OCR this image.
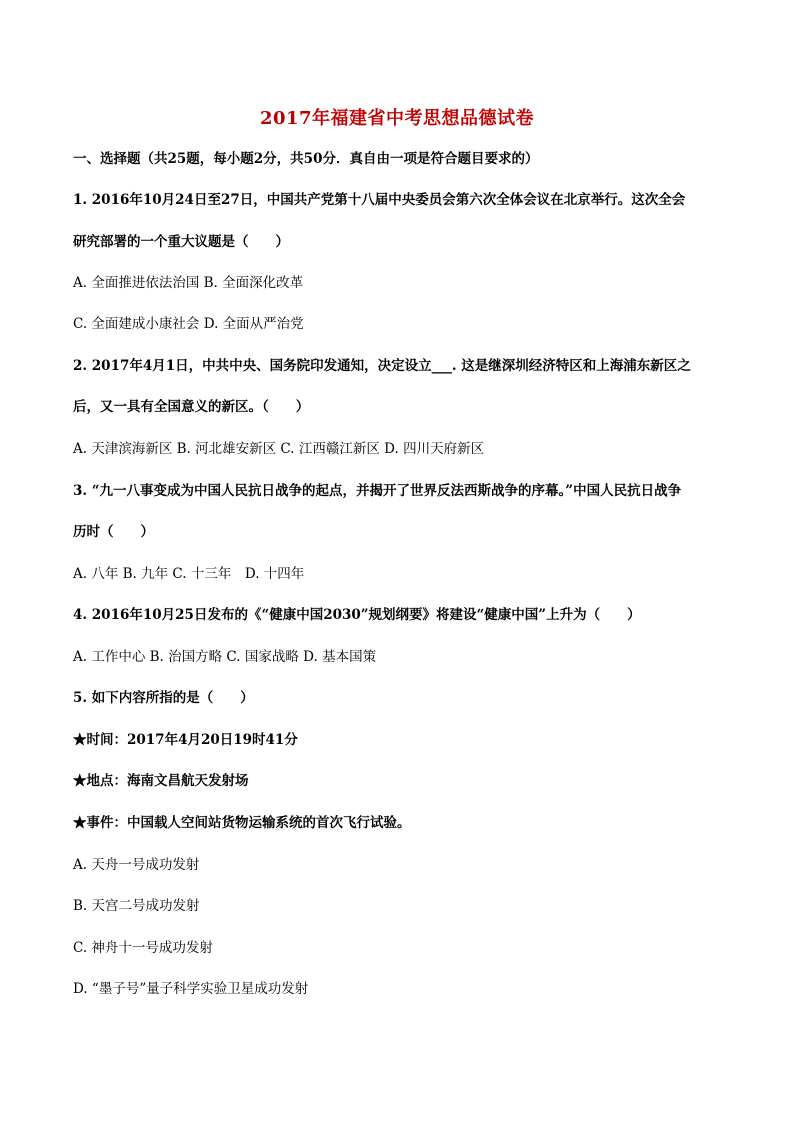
2017年福建省中考思想品德试卷
一、选择题（共25题，每小题2分，共50分．真自由一项是符合题目要求的）
1. 2016年10月24日至27日，中国共产党第十八届中央委员会第六次全体会议在北京举行。这次全会
研究部署的一个重大议题是（　　）
A. 全面推进依法治国 B. 全面深化改革
C. 全面建成小康社会 D. 全面从严治党
2. 2017年4月1日，中共中央、国务院印发通知，决定设立___. 这是继深圳经济特区和上海浦东新区之
后，又一具有全国意义的新区。（　　）
A. 天津滨海新区 B. 河北雄安新区 C. 江西赣江新区 D. 四川天府新区
3. “九一八事变成为中国人民抗日战争的起点，并揭开了世界反法西斯战争的序幕。”中国人民抗日战争
历时（　　）
A. 八年 B. 九年 C. 十三年　D. 十四年
4. 2016年10月25日发布的《“健康中国2030”规划纲要》将建设“健康中国”上升为（　　）
A. 工作中心 B. 治国方略 C. 国家战略 D. 基本国策
5. 如下内容所指的是（　　）
★时间：2017年4月20日19时41分
★地点：海南文昌航天发射场
★事件：中国载人空间站货物运输系统的首次飞行试验。
A. 天舟一号成功发射
B. 天宫二号成功发射
C. 神舟十一号成功发射
D. “墨子号”量子科学实验卫星成功发射
